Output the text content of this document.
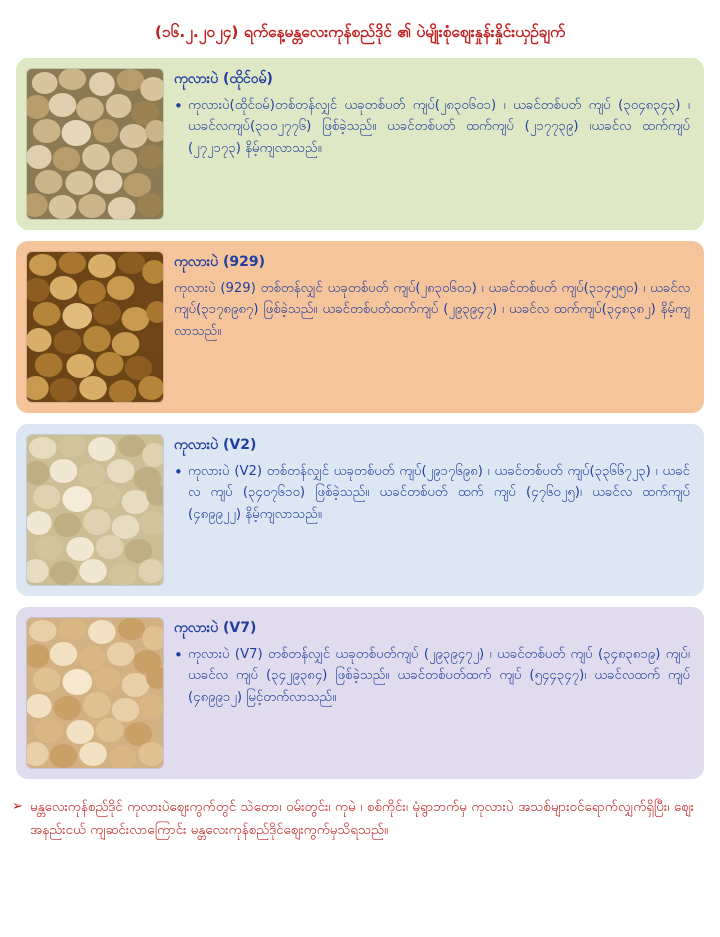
(၁၆.၂.၂၀၂၄) ရက်နေ့မန္တလေးကုန်စည်ဒိုင် ၏ ပဲမျိုးစုံဈေးနှုန်းနှိုင်းယှဉ်ချက်
ကုလားပဲ (ထိုင်ဝမ်)
• ကုလားပဲ(ထိုင်ဝမ်)တစ်တန်လျှင် ယခုတစ်ပတ် ကျပ်(၂၈၃၀၆၀၁) ၊ ယခင်တစ်ပတ် ကျပ် (၃၀၄၈၃၄၃) ၊ ယခင်လကျပ်(၃၁၀၂၇၇၆) ဖြစ်ခဲ့သည်။ ယခင်တစ်ပတ် ထက်ကျပ် (၂၁၇၇၃၉) ၊ယခင်လ ထက်ကျပ် (၂၇၂၁၇၃) နိမ့်ကျလာသည်။
ကုလားပဲ (929)
ကုလားပဲ (929) တစ်တန်လျှင် ယခုတစ်ပတ် ကျပ်(၂၈၃၀၆၀၁) ၊ ယခင်တစ်ပတ် ကျပ်(၃၁၄၅၅၀) ၊ ယခင်လ ကျပ်(၃၁၇၈၉၈၇) ဖြစ်ခဲ့သည်။ ယခင်တစ်ပတ်ထက်ကျပ် (၂၉၃၉၄၇) ၊ ယခင်လ ထက်ကျပ်(၃၄၈၃၈၂) နိမ့်ကျလာသည်။
ကုလားပဲ (V2)
• ကုလားပဲ (V2) တစ်တန်လျှင် ယခုတစ်ပတ် ကျပ်(၂၉၁၇၆၉၈) ၊ ယခင်တစ်ပတ် ကျပ်(၃၃၆၆၇၂၃) ၊ ယခင်လ ကျပ် (၃၄၀၇၆၁၀) ဖြစ်ခဲ့သည်။ ယခင်တစ်ပတ် ထက် ကျပ် (၄၇၆၀၂၅)၊ ယခင်လ ထက်ကျပ် (၄၈၉၉၂၂) နိမ့်ကျလာသည်။
ကုလားပဲ (V7)
• ကုလားပဲ (V7) တစ်တန်လျှင် ယခုတစ်ပတ်ကျပ် (၂၉၃၉၄၇၂) ၊ ယခင်တစ်ပတ် ကျပ် (၃၄၈၃၈၁၉) ကျပ်၊ ယခင်လ ကျပ် (၃၄၂၉၃၈၄) ဖြစ်ခဲ့သည်။ ယခင်တစ်ပတ်ထက် ကျပ် (၅၄၄၃၄၇)၊ ယခင်လထက် ကျပ် (၄၈၉၉၁၂) မြင့်တက်လာသည်။
➢ မန္တလေးကုန်စည်ဒိုင် ကုလားပဲဈေးကွက်တွင် သဲတော၊ ဝမ်းတွင်း၊ ကုမဲ ၊ စစ်ကိုင်း၊ မုံရွာဘက်မှ ကုလားပဲ အသစ်များဝင်ရောက်လျှက်ရှိပြီး၊ ဈေးအနည်းငယ် ကျဆင်းလာကြောင်း မန္တလေးကုန်စည်ဒိုင်ဈေးကွက်မှသိရသည်။
